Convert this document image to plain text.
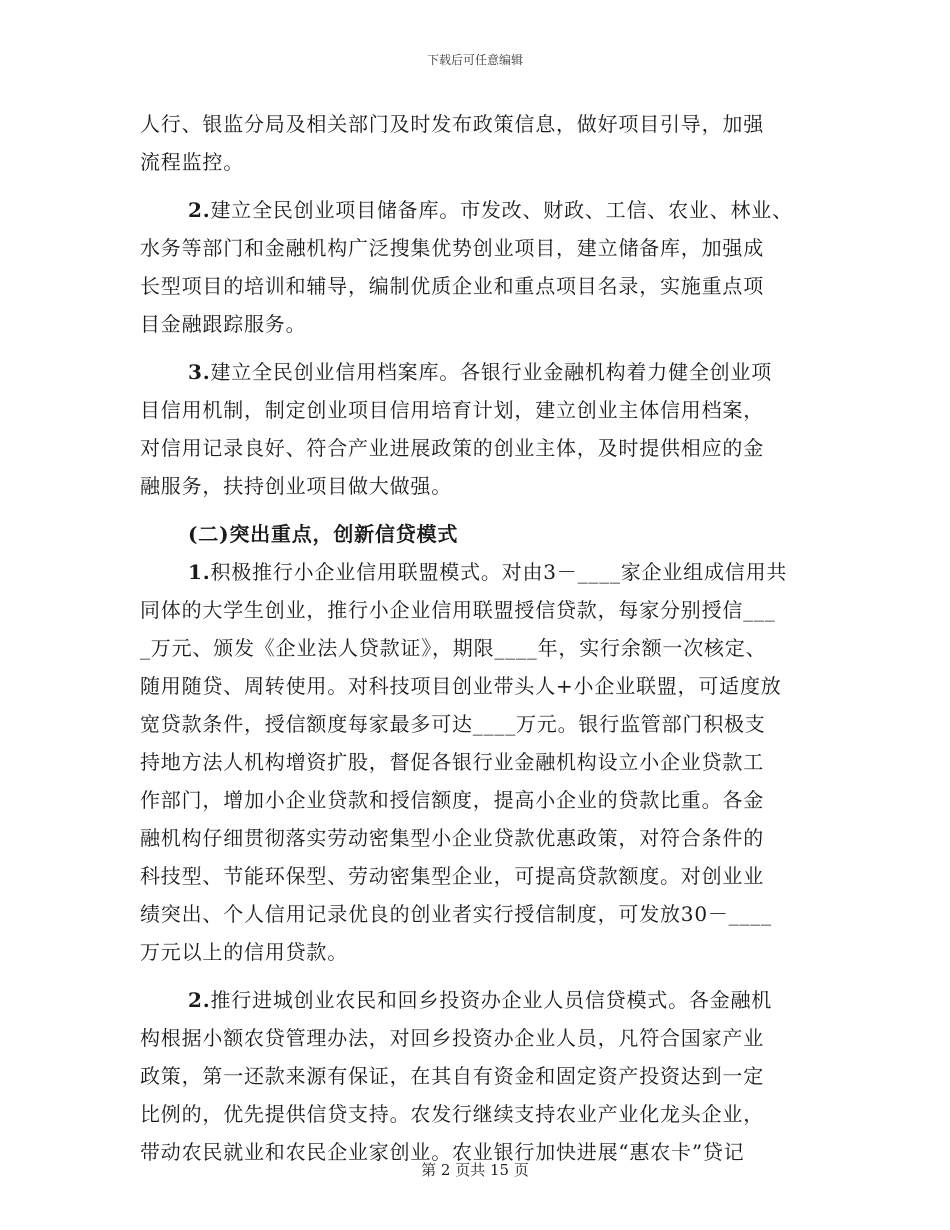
下载后可任意编辑
人行、银监分局及相关部门及时发布政策信息，做好项目引导，加强
流程监控。
2.建立全民创业项目储备库。市发改、财政、工信、农业、林业、
水务等部门和金融机构广泛搜集优势创业项目，建立储备库，加强成
长型项目的培训和辅导，编制优质企业和重点项目名录，实施重点项
目金融跟踪服务。
3.建立全民创业信用档案库。各银行业金融机构着力健全创业项
目信用机制，制定创业项目信用培育计划，建立创业主体信用档案，
对信用记录良好、符合产业进展政策的创业主体，及时提供相应的金
融服务，扶持创业项目做大做强。
(二)突出重点，创新信贷模式
1.积极推行小企业信用联盟模式。对由3－____家企业组成信用共
同体的大学生创业，推行小企业信用联盟授信贷款，每家分别授信___
_万元、颁发《企业法人贷款证》，期限____年，实行余额一次核定、
随用随贷、周转使用。对科技项目创业带头人+小企业联盟，可适度放
宽贷款条件，授信额度每家最多可达____万元。银行监管部门积极支
持地方法人机构增资扩股，督促各银行业金融机构设立小企业贷款工
作部门，增加小企业贷款和授信额度，提高小企业的贷款比重。各金
融机构仔细贯彻落实劳动密集型小企业贷款优惠政策，对符合条件的
科技型、节能环保型、劳动密集型企业，可提高贷款额度。对创业业
绩突出、个人信用记录优良的创业者实行授信制度，可发放30－____
万元以上的信用贷款。
2.推行进城创业农民和回乡投资办企业人员信贷模式。各金融机
构根据小额农贷管理办法，对回乡投资办企业人员，凡符合国家产业
政策，第一还款来源有保证，在其自有资金和固定资产投资达到一定
比例的，优先提供信贷支持。农发行继续支持农业产业化龙头企业，
带动农民就业和农民企业家创业。农业银行加快进展“惠农卡”贷记
第 2 页共 15 页
